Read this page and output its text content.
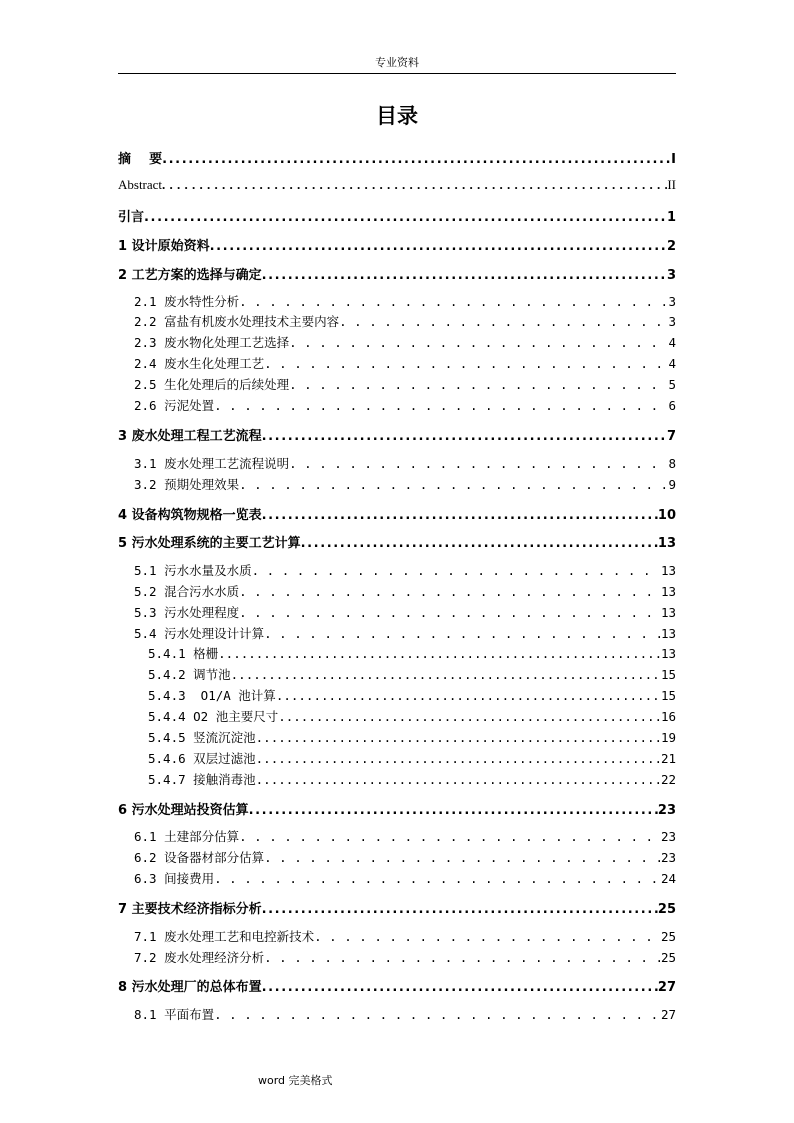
专业资料
目录
摘    要 .....	I
Abstract . . .	II
引言 .....	1
1 设计原始资料 .....	2
2 工艺方案的选择与确定 .....	3
2.1 废水特性分析 . . .	3
2.2 富盐有机废水处理技术主要内容 . . .	3
2.3 废水物化处理工艺选择 . . .	4
2.4 废水生化处理工艺 . . .	4
2.5 生化处理后的后续处理 . . .	5
2.6 污泥处置 . . .	6
3 废水处理工程工艺流程 .....	7
3.1 废水处理工艺流程说明 . . .	8
3.2 预期处理效果 . . .	9
4 设备构筑物规格一览表 .....	10
5 污水处理系统的主要工艺计算 .....	13
5.1 污水水量及水质 . . .	13
5.2 混合污水水质 . . .	13
5.3 污水处理程度 . . .	13
5.4 污水处理设计计算 . . .	13
5.4.1 格栅 .....	13
5.4.2 调节池 .....	15
5.4.3  O1/A 池计算 .....	15
5.4.4 O2 池主要尺寸 .....	16
5.4.5 竖流沉淀池 .....	19
5.4.6 双层过滤池 .....	21
5.4.7 接触消毒池 .....	22
6 污水处理站投资估算 .....	23
6.1 土建部分估算 . . .	23
6.2 设备器材部分估算 . . .	23
6.3 间接费用 . . .	24
7 主要技术经济指标分析 .....	25
7.1 废水处理工艺和电控新技术 . . .	25
7.2 废水处理经济分析 . . .	25
8 污水处理厂的总体布置 .....	27
8.1 平面布置 . . .	27
word 完美格式
